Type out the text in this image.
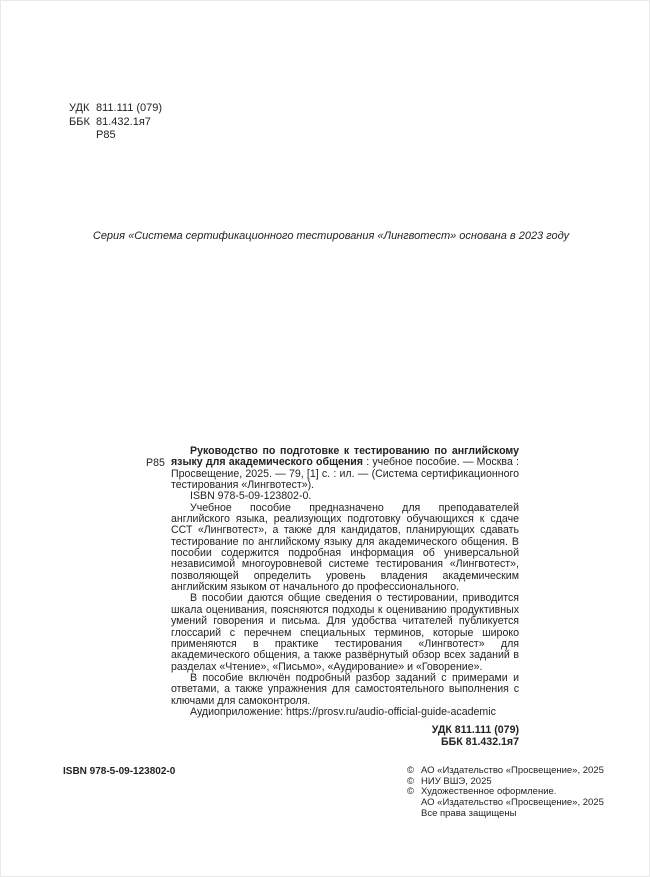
УДК 811.111 (079)
ББК 81.432.1я7
Р85
Серия «Система сертификационного тестирования «Лингвотест» основана в 2023 году
Р85

Руководство по подготовке к тестированию по английскому языку для академического общения : учебное пособие. — Москва : Просвещение, 2025. — 79, [1] с. : ил. — (Система сертификационного тестирования «Лингвотест»).

ISBN 978-5-09-123802-0.

Учебное пособие предназначено для преподавателей английского языка, реализующих подготовку обучающихся к сдаче ССТ «Лингвотест», а также для кандидатов, планирующих сдавать тестирование по английскому языку для академического общения. В пособии содержится подробная информация об универсальной независимой многоуровневой системе тестирования «Лингвотест», позволяющей определить уровень владения академическим английским языком от начального до профессионального.

В пособии даются общие сведения о тестировании, приводится шкала оценивания, поясняются подходы к оцениванию продуктивных умений говорения и письма. Для удобства читателей публикуется глоссарий с перечнем специальных терминов, которые широко применяются в практике тестирования «Лингвотест» для академического общения, а также развёрнутый обзор всех заданий в разделах «Чтение», «Письмо», «Аудирование» и «Говорение».

В пособие включён подробный разбор заданий с примерами и ответами, а также упражнения для самостоятельного выполнения с ключами для самоконтроля.

Аудиоприложение: https://prosv.ru/audio-official-guide-academic

УДК 811.111 (079)
ББК 81.432.1я7
ISBN 978-5-09-123802-0	© АО «Издательство «Просвещение», 2025
© НИУ ВШЭ, 2025
© Художественное оформление.
АО «Издательство «Просвещение», 2025
Все права защищены
